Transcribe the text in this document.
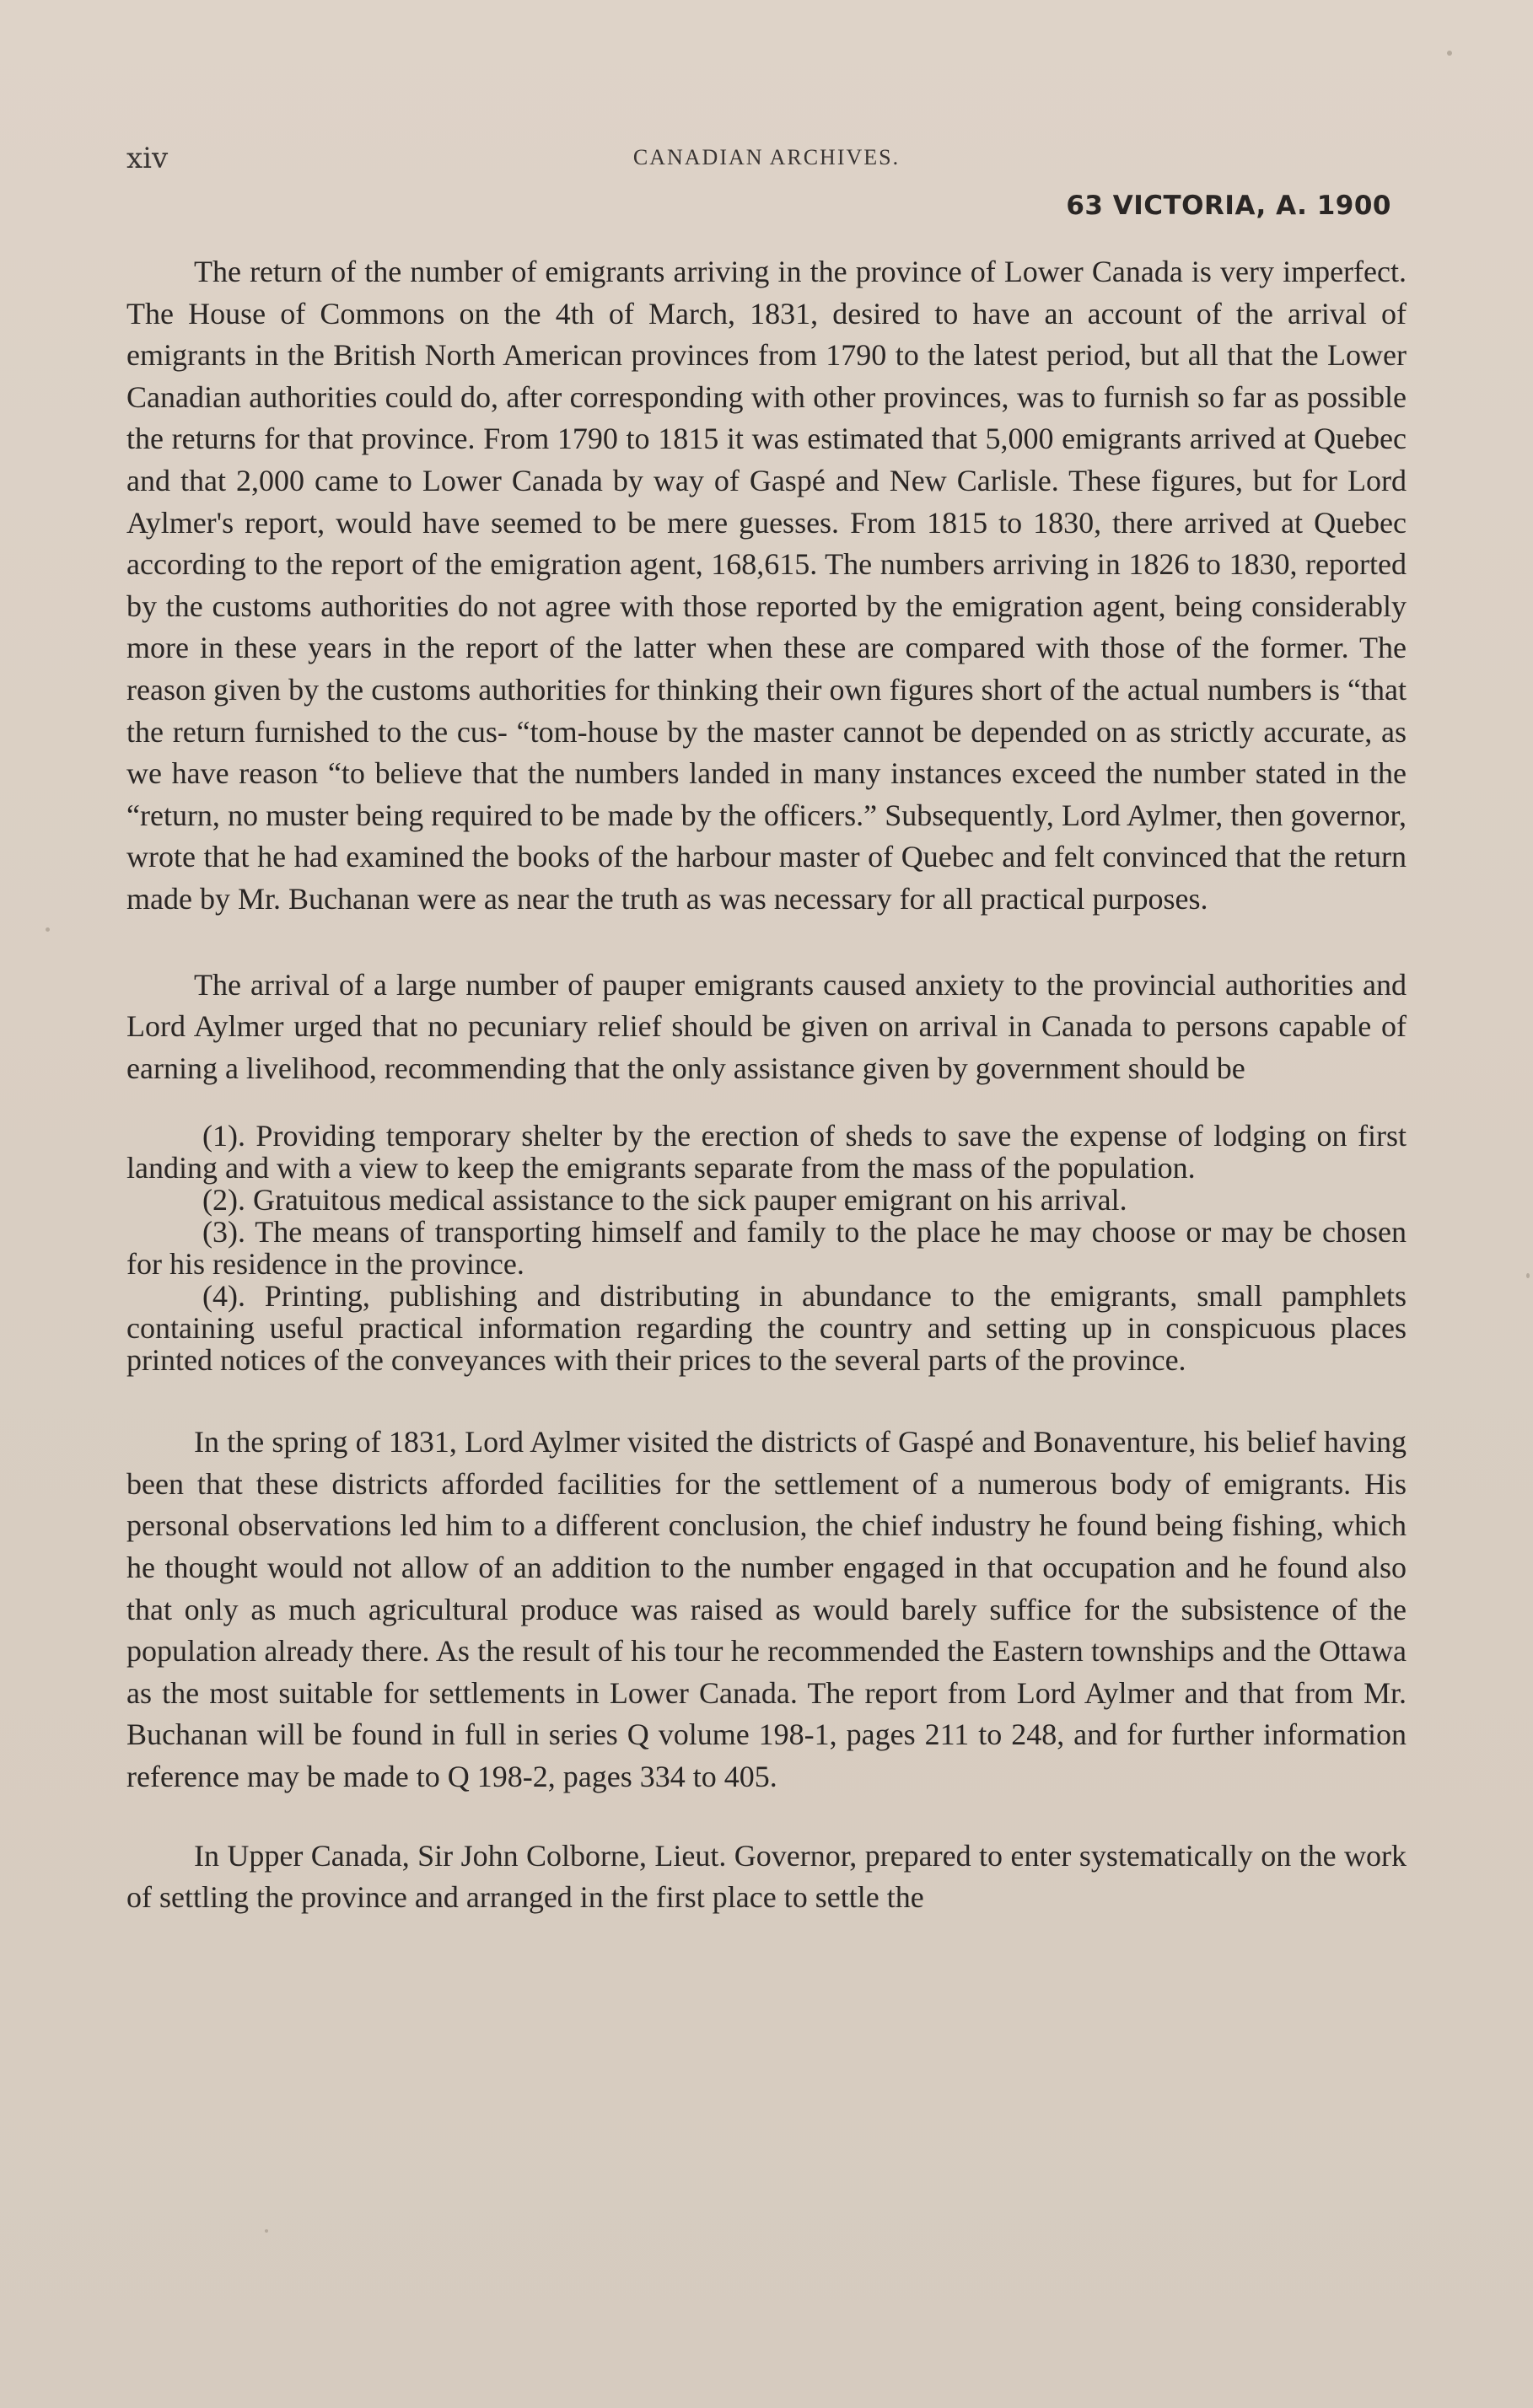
xiv	CANADIAN ARCHIVES.
63 VICTORIA, A. 1900

The return of the number of emigrants arriving in the province of Lower Canada is very imperfect. The House of Commons on the 4th of March, 1831, desired to have an account of the arrival of emigrants in the British North American provinces from 1790 to the latest period, but all that the Lower Canadian authorities could do, after corresponding with other provinces, was to furnish so far as possible the returns for that province. From 1790 to 1815 it was estimated that 5,000 emigrants arrived at Quebec and that 2,000 came to Lower Canada by way of Gaspé and New Carlisle. These figures, but for Lord Aylmer's report, would have seemed to be mere guesses. From 1815 to 1830, there arrived at Quebec according to the report of the emigration agent, 168,615. The numbers arriving in 1826 to 1830, reported by the customs authorities do not agree with those reported by the emigration agent, being considerably more in these years in the report of the latter when these are compared with those of the former. The reason given by the customs authorities for thinking their own figures short of the actual numbers is “that the return furnished to the cus- “tom-house by the master cannot be depended on as strictly accurate, as we have reason “to believe that the numbers landed in many instances exceed the number stated in the “return, no muster being required to be made by the officers.” Subsequently, Lord Aylmer, then governor, wrote that he had examined the books of the harbour master of Quebec and felt convinced that the return made by Mr. Buchanan were as near the truth as was necessary for all practical purposes.

The arrival of a large number of pauper emigrants caused anxiety to the provincial authorities and Lord Aylmer urged that no pecuniary relief should be given on arrival in Canada to persons capable of earning a livelihood, recommending that the only assistance given by government should be

(1). Providing temporary shelter by the erection of sheds to save the expense of lodging on first landing and with a view to keep the emigrants separate from the mass of the population.

(2). Gratuitous medical assistance to the sick pauper emigrant on his arrival.

(3). The means of transporting himself and family to the place he may choose or may be chosen for his residence in the province.

(4). Printing, publishing and distributing in abundance to the emigrants, small pamphlets containing useful practical information regarding the country and setting up in conspicuous places printed notices of the conveyances with their prices to the several parts of the province.

In the spring of 1831, Lord Aylmer visited the districts of Gaspé and Bonaventure, his belief having been that these districts afforded facilities for the settlement of a numerous body of emigrants. His personal observations led him to a different conclusion, the chief industry he found being fishing, which he thought would not allow of an addition to the number engaged in that occupation and he found also that only as much agricultural produce was raised as would barely suffice for the subsistence of the population already there. As the result of his tour he recommended the Eastern townships and the Ottawa as the most suitable for settlements in Lower Canada. The report from Lord Aylmer and that from Mr. Buchanan will be found in full in series Q volume 198-1, pages 211 to 248, and for further information reference may be made to Q 198-2, pages 334 to 405.

In Upper Canada, Sir John Colborne, Lieut. Governor, prepared to enter systematically on the work of settling the province and arranged in the first place to settle the
